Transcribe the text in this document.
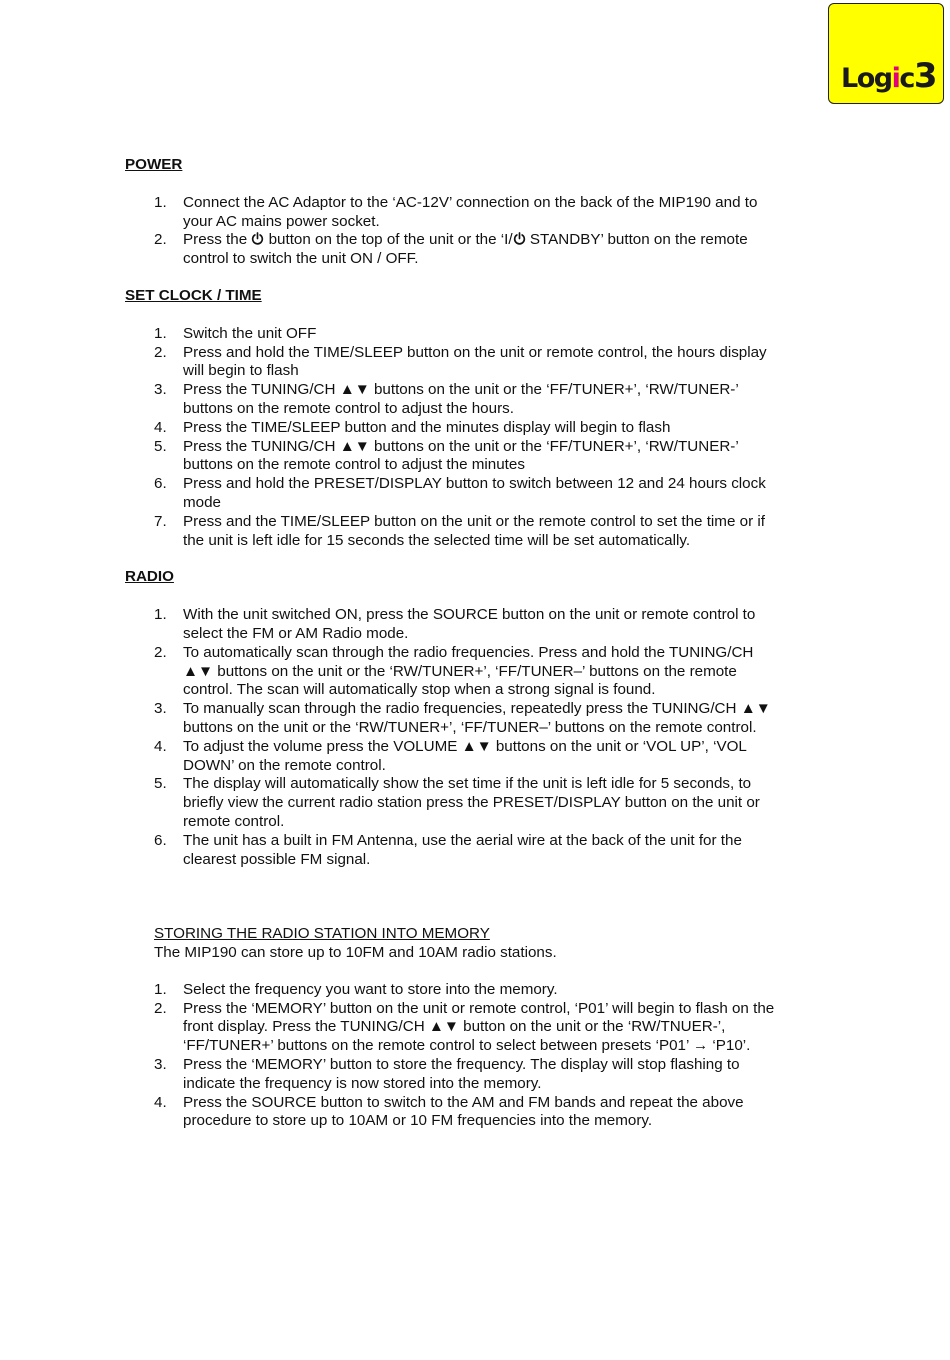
Logic3
POWER
1. Connect the AC Adaptor to the ‘AC-12V’ connection on the back of the MIP190 and to
your AC mains power socket.
2. Press the  button on the top of the unit or the ‘I/ STANDBY’ button on the remote
control to switch the unit ON / OFF.
SET CLOCK / TIME
1. Switch the unit OFF
2. Press and hold the TIME/SLEEP button on the unit or remote control, the hours display
will begin to flash
3. Press the TUNING/CH ▲▼ buttons on the unit or the ‘FF/TUNER+’, ‘RW/TUNER-’
buttons on the remote control to adjust the hours.
4. Press the TIME/SLEEP button and the minutes display will begin to flash
5. Press the TUNING/CH ▲▼ buttons on the unit or the ‘FF/TUNER+’, ‘RW/TUNER-’
buttons on the remote control to adjust the minutes
6. Press and hold the PRESET/DISPLAY button to switch between 12 and 24 hours clock
mode
7. Press and the TIME/SLEEP button on the unit or the remote control to set the time or if
the unit is left idle for 15 seconds the selected time will be set automatically.
RADIO
1. With the unit switched ON, press the SOURCE button on the unit or remote control to
select the FM or AM Radio mode.
2. To automatically scan through the radio frequencies. Press and hold the TUNING/CH
▲▼ buttons on the unit or the ‘RW/TUNER+’, ‘FF/TUNER–’ buttons on the remote
control. The scan will automatically stop when a strong signal is found.
3. To manually scan through the radio frequencies, repeatedly press the TUNING/CH ▲▼
buttons on the unit or the ‘RW/TUNER+’, ‘FF/TUNER–’ buttons on the remote control.
4. To adjust the volume press the VOLUME ▲▼ buttons on the unit or ‘VOL UP’, ‘VOL
DOWN’ on the remote control.
5. The display will automatically show the set time if the unit is left idle for 5 seconds, to
briefly view the current radio station press the PRESET/DISPLAY button on the unit or
remote control.
6. The unit has a built in FM Antenna, use the aerial wire at the back of the unit for the
clearest possible FM signal.
STORING THE RADIO STATION INTO MEMORY
The MIP190 can store up to 10FM and 10AM radio stations.
1. Select the frequency you want to store into the memory.
2. Press the ‘MEMORY’ button on the unit or remote control, ‘P01’ will begin to flash on the
front display. Press the TUNING/CH ▲▼ button on the unit or the ‘RW/TNUER-’,
‘FF/TUNER+’ buttons on the remote control to select between presets ‘P01’ → ‘P10’.
3. Press the ‘MEMORY’ button to store the frequency. The display will stop flashing to
indicate the frequency is now stored into the memory.
4. Press the SOURCE button to switch to the AM and FM bands and repeat the above
procedure to store up to 10AM or 10 FM frequencies into the memory.
